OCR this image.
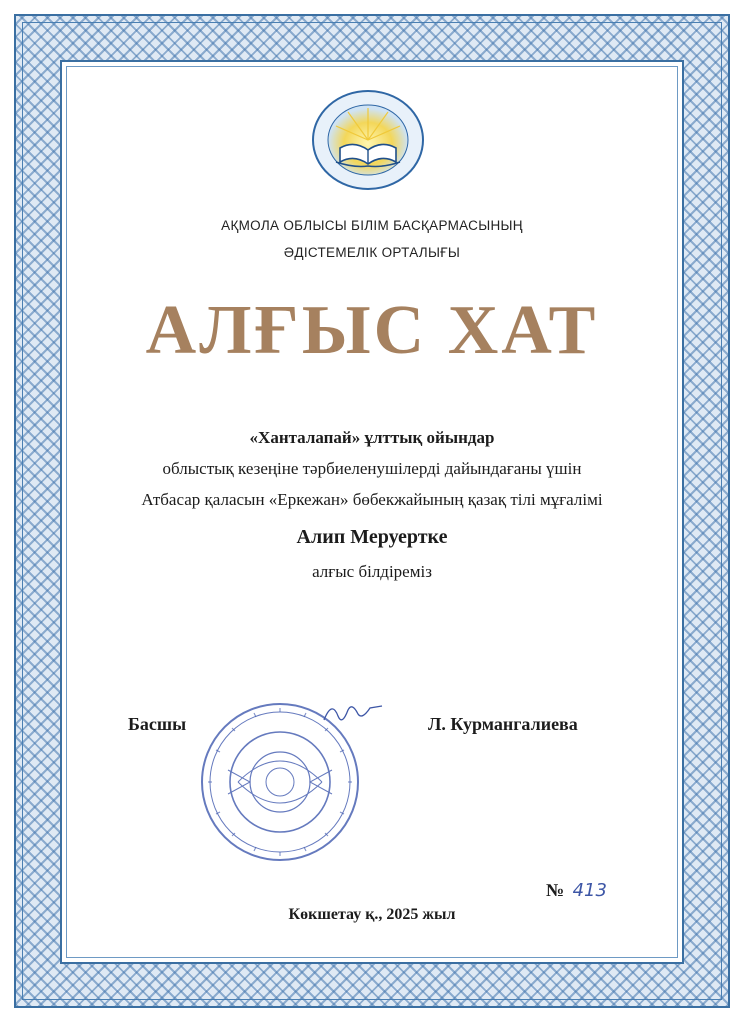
АҚМОЛА ОБЛЫСЫ БІЛІМ БАСҚАРМАСЫНЫҢ
ӘДІСТЕМЕЛІК ОРТАЛЫҒЫ
АЛҒЫС ХАТ
«Ханталапай» ұлттық ойындар
облыстық кезеңіне тәрбиеленушілерді дайындағаны үшін
Атбасар қаласын «Еркежан» бөбекжайының қазақ тілі мұғалімі
Алип Меруертке
алғыс білдіреміз
Басшы	Л. Курмангалиева
№ 413
Көкшетау қ., 2025 жыл
